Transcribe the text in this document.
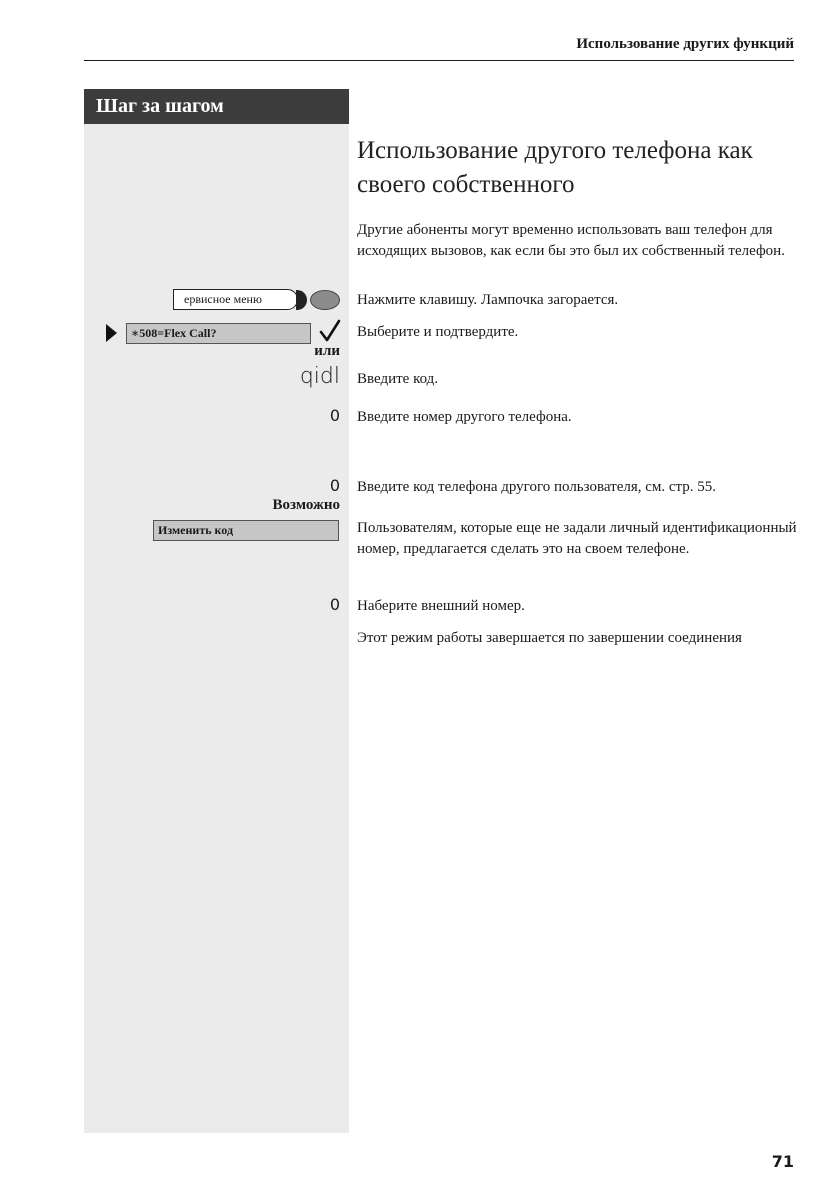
Использование других функций
Шаг за шагом
Использование другого телефона как своего собственного
Другие абоненты могут временно использовать ваш телефон для исходящих вызовов, как если бы это был их собственный телефон.
ервисное меню	Нажмите клавишу. Лампочка загорается.
∗508=Flex Call?	Выберите и подтвердите.
или
qidl Введите код.
0 Введите номер другого телефона.
0 Введите код телефона другого пользователя, см. стр. 55.
Возможно
Изменить код	Пользователям, которые еще не задали личный идентификационный номер, предлагается сделать это на своем телефоне.
0 Наберите внешний номер.
Этот режим работы завершается по завершении соединения
71
